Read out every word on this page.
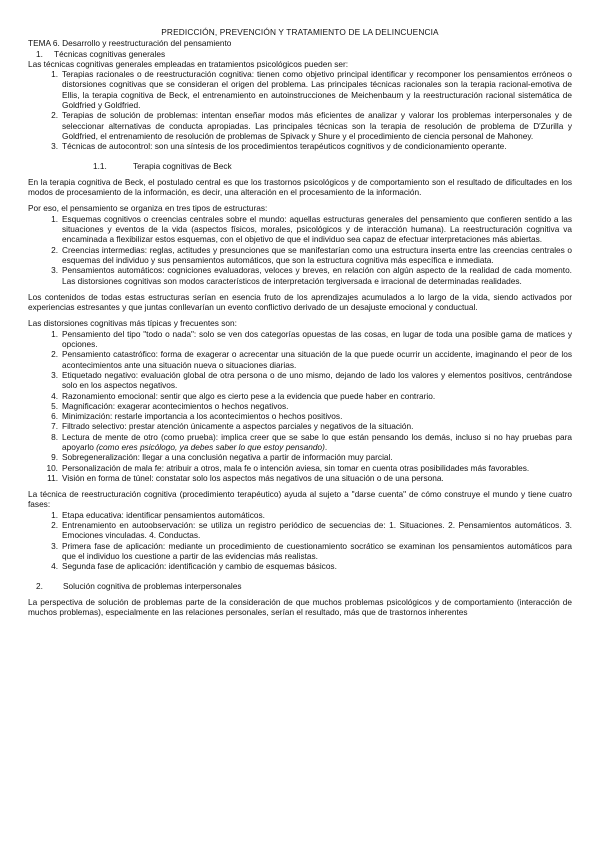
PREDICCIÓN, PREVENCIÓN Y TRATAMIENTO DE LA DELINCUENCIA
TEMA 6. Desarrollo y reestructuración del pensamiento
1. Técnicas cognitivas generales

Las técnicas cognitivas generales empleadas en tratamientos psicológicos pueden ser:

1. Terapias racionales o de reestructuración cognitiva: tienen como objetivo principal identificar y recomponer los pensamientos erróneos o distorsiones cognitivas que se consideran el origen del problema. Las principales técnicas racionales son la terapia racional-emotiva de Ellis, la terapia cognitiva de Beck, el entrenamiento en autoinstrucciones de Meichenbaum y la reestructuración racional sistemática de Goldfried y Goldfried.
2. Terapias de solución de problemas: intentan enseñar modos más eficientes de analizar y valorar los problemas interpersonales y de seleccionar alternativas de conducta apropiadas. Las principales técnicas son la terapia de resolución de problema de D'Zurilla y Goldfried, el entrenamiento de resolución de problemas de Spivack y Shure y el procedimiento de ciencia personal de Mahoney.
3. Técnicas de autocontrol: son una síntesis de los procedimientos terapéuticos cognitivos y de condicionamiento operante.
1.1.	Terapia cognitivas de Beck

En la terapia cognitiva de Beck, el postulado central es que los trastornos psicológicos y de comportamiento son el resultado de dificultades en los modos de procesamiento de la información, es decir, una alteración en el procesamiento de la información.

Por eso, el pensamiento se organiza en tres tipos de estructuras:

1. Esquemas cognitivos o creencias centrales sobre el mundo: aquellas estructuras generales del pensamiento que confieren sentido a las situaciones y eventos de la vida (aspectos físicos, morales, psicológicos y de interacción humana). La reestructuración cognitiva va encaminada a flexibilizar estos esquemas, con el objetivo de que el individuo sea capaz de efectuar interpretaciones más abiertas.
2. Creencias intermedias: reglas, actitudes y presunciones que se manifestarían como una estructura inserta entre las creencias centrales o esquemas del individuo y sus pensamientos automáticos, que son la estructura cognitiva más específica e inmediata.
3. Pensamientos automáticos: cogniciones evaluadoras, veloces y breves, en relación con algún aspecto de la realidad de cada momento. Las distorsiones cognitivas son modos característicos de interpretación tergiversada e irracional de determinadas realidades.

Los contenidos de todas estas estructuras serían en esencia fruto de los aprendizajes acumulados a lo largo de la vida, siendo activados por experiencias estresantes y que juntas conllevarían un evento conflictivo derivado de un desajuste emocional y conductual.

Las distorsiones cognitivas más típicas y frecuentes son:

1. Pensamiento del tipo "todo o nada": solo se ven dos categorías opuestas de las cosas, en lugar de toda una posible gama de matices y opciones.
2. Pensamiento catastrófico: forma de exagerar o acrecentar una situación de la que puede ocurrir un accidente, imaginando el peor de los acontecimientos ante una situación nueva o situaciones diarias.
3. Etiquetado negativo: evaluación global de otra persona o de uno mismo, dejando de lado los valores y elementos positivos, centrándose solo en los aspectos negativos.
4. Razonamiento emocional: sentir que algo es cierto pese a la evidencia que puede haber en contrario.
5. Magnificación: exagerar acontecimientos o hechos negativos.
6. Minimización: restarle importancia a los acontecimientos o hechos positivos.
7. Filtrado selectivo: prestar atención únicamente a aspectos parciales y negativos de la situación.
8. Lectura de mente de otro (como prueba): implica creer que se sabe lo que están pensando los demás, incluso si no hay pruebas para apoyarlo (como eres psicólogo, ya debes saber lo que estoy pensando).
9. Sobregeneralización: llegar a una conclusión negativa a partir de información muy parcial.
10. Personalización de mala fe: atribuir a otros, mala fe o intención aviesa, sin tomar en cuenta otras posibilidades más favorables.
11. Visión en forma de túnel: constatar solo los aspectos más negativos de una situación o de una persona.

La técnica de reestructuración cognitiva (procedimiento terapéutico) ayuda al sujeto a "darse cuenta" de cómo construye el mundo y tiene cuatro fases:

1. Etapa educativa: identificar pensamientos automáticos.
2. Entrenamiento en autoobservación: se utiliza un registro periódico de secuencias de: 1. Situaciones. 2. Pensamientos automáticos. 3. Emociones vinculadas. 4. Conductas.
3. Primera fase de aplicación: mediante un procedimiento de cuestionamiento socrático se examinan los pensamientos automáticos para que el individuo los cuestione a partir de las evidencias más realistas.
4. Segunda fase de aplicación: identificación y cambio de esquemas básicos.
2. Solución cognitiva de problemas interpersonales

La perspectiva de solución de problemas parte de la consideración de que muchos problemas psicológicos y de comportamiento (interacción de muchos problemas), especialmente en las relaciones personales, serían el resultado, más que de trastornos inherentes
